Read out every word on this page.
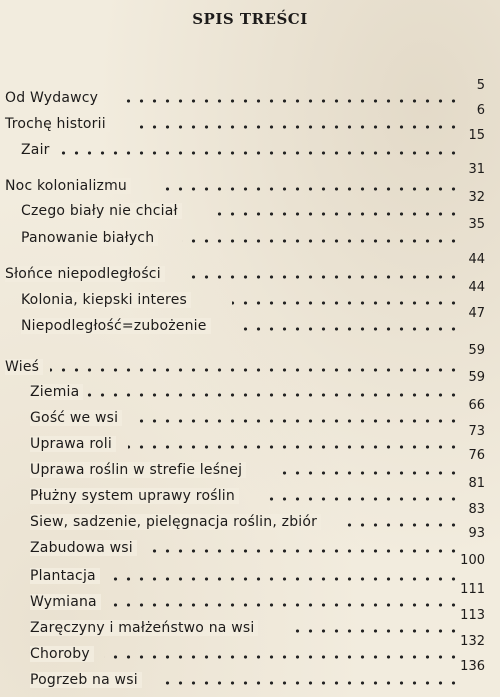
SPIS TREŚCI
Od Wydawcy
5
Trochę historii
6
Zair
15
Noc kolonializmu
31
Czego biały nie chciał
32
Panowanie białych
35
Słońce niepodległości
44
Kolonia, kiepski interes
44
Niepodległość=zubożenie
47
Wieś
59
Ziemia
59
Gość we wsi
66
Uprawa roli
73
Uprawa roślin w strefie leśnej
76
Płużny system uprawy roślin
81
Siew, sadzenie, pielęgnacja roślin, zbiór
83
Zabudowa wsi
93
Plantacja
100
Wymiana
111
Zaręczyny i małżeństwo na wsi
113
Choroby
132
Pogrzeb na wsi
136
